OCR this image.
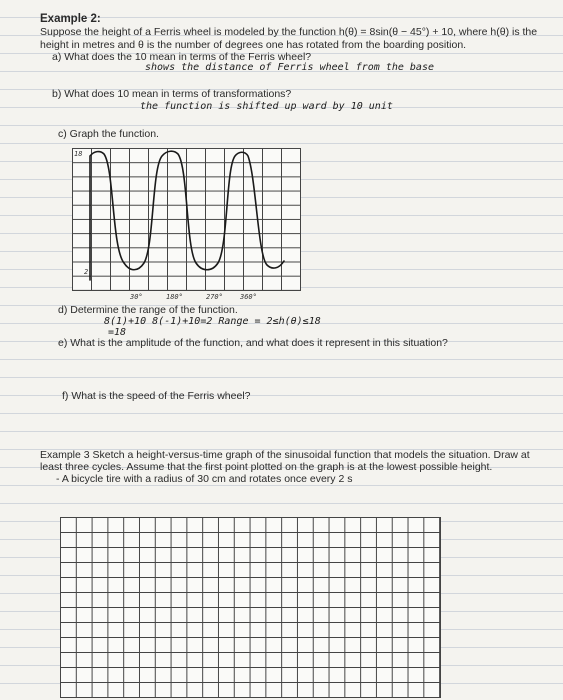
Example 2:
Suppose the height of a Ferris wheel is modeled by the function h(θ) = 8sin(θ − 45°) + 10, where h(θ) is the
height in metres and θ is the number of degrees one has rotated from the boarding position.
a) What does the 10 mean in terms of the Ferris wheel?
shows the distance of Ferris wheel from the base
b) What does 10 mean in terms of transformations?
the function is shifted up ward by 10 unit
c) Graph the function.
18
2
30°	180°	270° 360°
d) Determine the range of the function.
8(1)+10 8(-1)+10=2 Range = 2≤h(θ)≤18
=18
e) What is the amplitude of the function, and what does it represent in this situation?
f) What is the speed of the Ferris wheel?
Example 3 Sketch a height-versus-time graph of the sinusoidal function that models the situation. Draw at
least three cycles. Assume that the first point plotted on the graph is at the lowest possible height.
- A bicycle tire with a radius of 30 cm and rotates once every 2 s
